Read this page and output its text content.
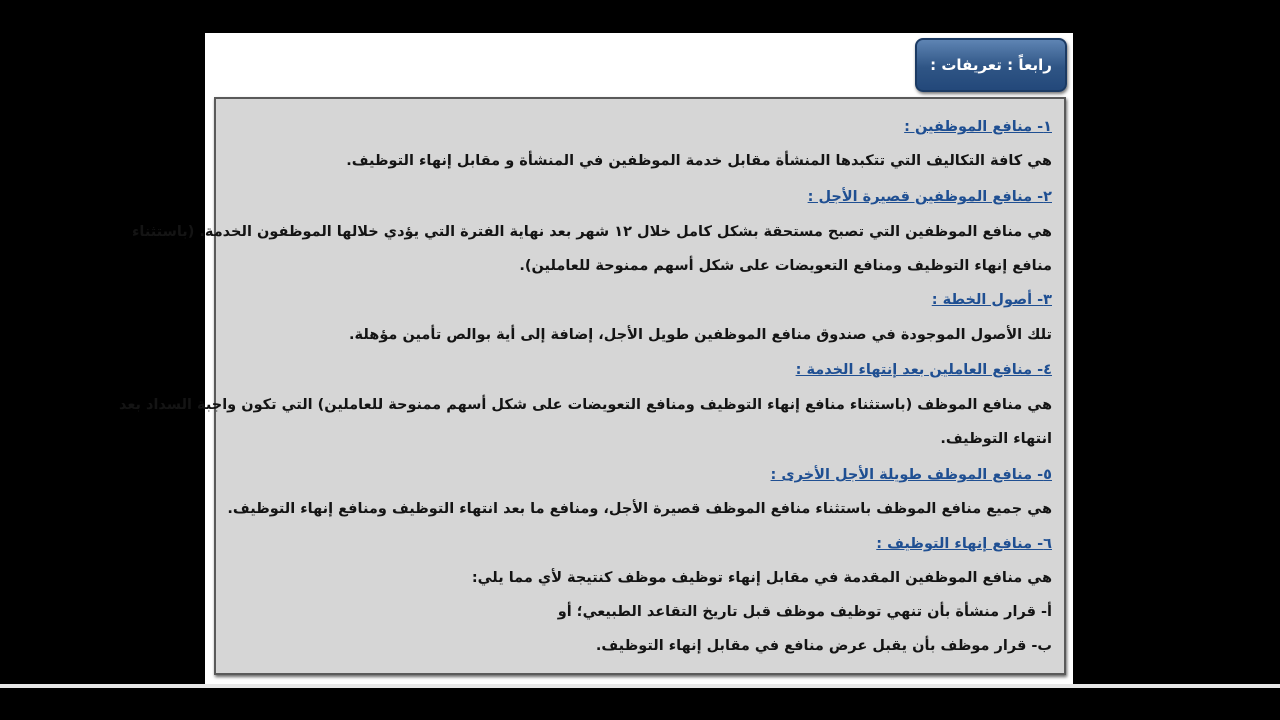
رابعاً : تعريفات :
١- منافع الموظفين :
هي كافة التكاليف التي تتكبدها المنشأة مقابل خدمة الموظفين في المنشأة و مقابل إنهاء التوظيف.
٢- منافع الموظفين قصيرة الأجل :
هي منافع الموظفين التي تصبح مستحقة بشكل كامل خلال ١٢ شهر بعد نهاية الفترة التي يؤدي خلالها الموظفون الخدمة. (باستثناء
منافع إنهاء التوظيف ومنافع التعويضات على شكل أسهم ممنوحة للعاملين).
٣- أصول الخطة :
تلك الأصول الموجودة في صندوق منافع الموظفين طويل الأجل، إضافة إلى أية بوالص تأمين مؤهلة.
٤- منافع العاملين بعد إنتهاء الخدمة :
هي منافع الموظف (باستثناء منافع إنهاء التوظيف ومنافع التعويضات على شكل أسهم ممنوحة للعاملين) التي تكون واجبة السداد بعد
انتهاء التوظيف.
٥- منافع الموظف طويلة الأجل الأخرى :
هي جميع منافع الموظف باستثناء منافع الموظف قصيرة الأجل، ومنافع ما بعد انتهاء التوظيف ومنافع إنهاء التوظيف.
٦- منافع إنهاء التوظيف :
هي منافع الموظفين المقدمة في مقابل إنهاء توظيف موظف كنتيجة لأي مما يلي:
أ- قرار منشأة بأن تنهي توظيف موظف قبل تاريخ التقاعد الطبيعي؛ أو
ب- قرار موظف بأن يقبل عرض منافع في مقابل إنهاء التوظيف.
